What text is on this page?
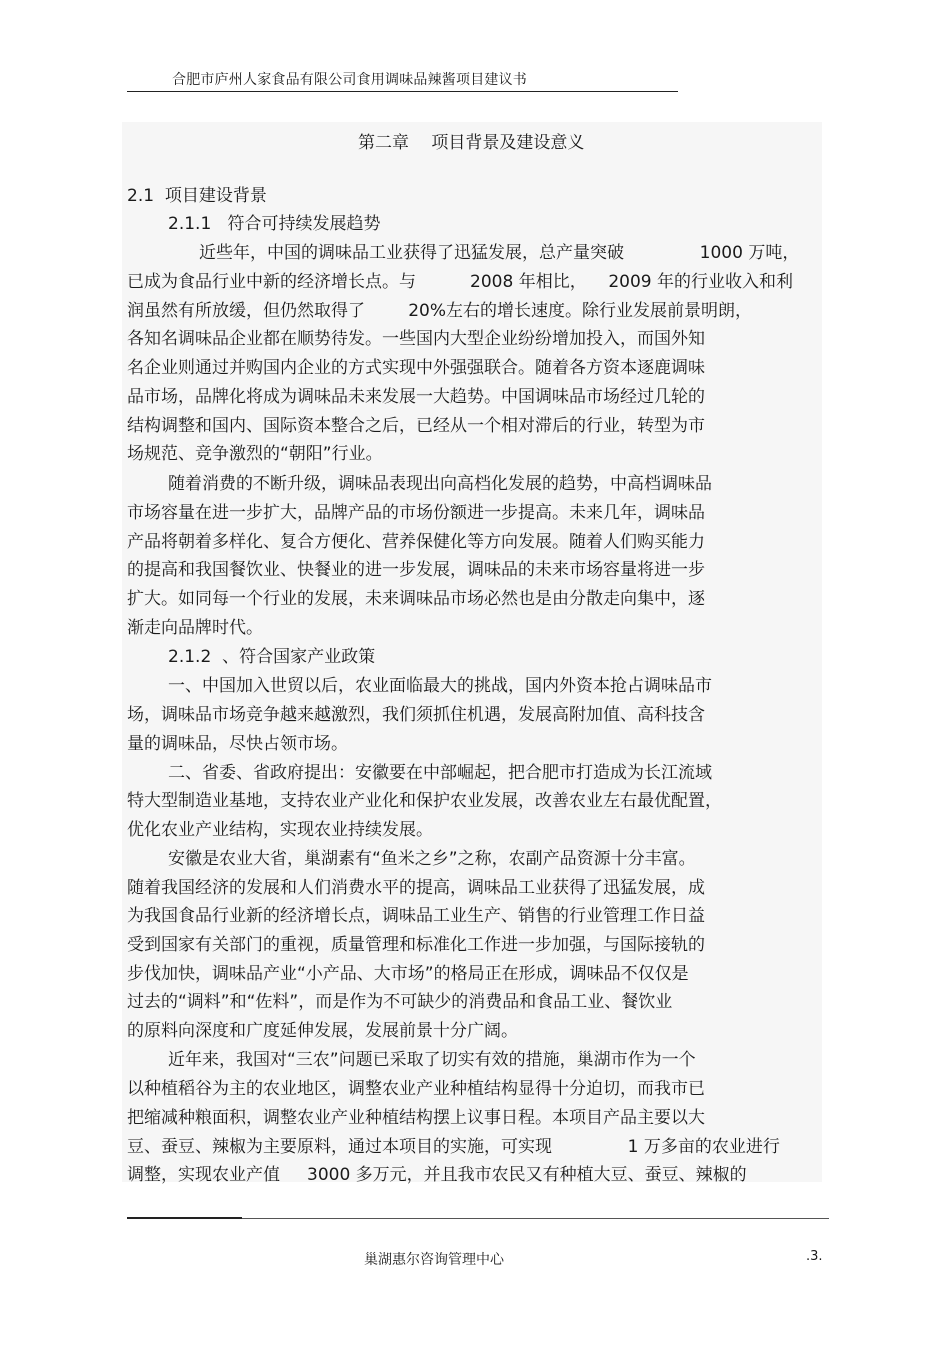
合肥市庐州人家食品有限公司食用调味品辣酱项目建议书
第二章　 项目背景及建设意义
2.1  项目建设背景
2.1.1   符合可持续发展趋势
近些年，中国的调味品工业获得了迅猛发展，总产量突破              1000 万吨，
已成为食品行业中新的经济增长点。与          2008 年相比，    2009 年的行业收入和利
润虽然有所放缓，但仍然取得了        20%左右的增长速度。除行业发展前景明朗，
各知名调味品企业都在顺势待发。一些国内大型企业纷纷增加投入，而国外知
名企业则通过并购国内企业的方式实现中外强强联合。随着各方资本逐鹿调味
品市场，品牌化将成为调味品未来发展一大趋势。中国调味品市场经过几轮的
结构调整和国内、国际资本整合之后，已经从一个相对滞后的行业，转型为市
场规范、竞争激烈的“朝阳”行业。
随着消费的不断升级，调味品表现出向高档化发展的趋势，中高档调味品
市场容量在进一步扩大，品牌产品的市场份额进一步提高。未来几年，调味品
产品将朝着多样化、复合方便化、营养保健化等方向发展。随着人们购买能力
的提高和我国餐饮业、快餐业的进一步发展，调味品的未来市场容量将进一步
扩大。如同每一个行业的发展，未来调味品市场必然也是由分散走向集中，逐
渐走向品牌时代。
2.1.2  、符合国家产业政策
一、中国加入世贸以后，农业面临最大的挑战，国内外资本抢占调味品市
场，调味品市场竞争越来越激烈，我们须抓住机遇，发展高附加值、高科技含
量的调味品，尽快占领市场。
二、省委、省政府提出：安徽要在中部崛起，把合肥市打造成为长江流域
特大型制造业基地，支持农业产业化和保护农业发展，改善农业左右最优配置，
优化农业产业结构，实现农业持续发展。
安徽是农业大省，巢湖素有“鱼米之乡”之称，农副产品资源十分丰富。
随着我国经济的发展和人们消费水平的提高，调味品工业获得了迅猛发展，成
为我国食品行业新的经济增长点，调味品工业生产、销售的行业管理工作日益
受到国家有关部门的重视，质量管理和标准化工作进一步加强，与国际接轨的
步伐加快，调味品产业“小产品、大市场”的格局正在形成，调味品不仅仅是
过去的“调料”和“佐料”，而是作为不可缺少的消费品和食品工业、餐饮业
的原料向深度和广度延伸发展，发展前景十分广阔。
近年来，我国对“三农”问题已采取了切实有效的措施，巢湖市作为一个
以种植稻谷为主的农业地区，调整农业产业种植结构显得十分迫切，而我市已
把缩减种粮面积，调整农业产业种植结构摆上议事日程。本项目产品主要以大
豆、蚕豆、辣椒为主要原料，通过本项目的实施，可实现              1 万多亩的农业进行
调整，实现农业产值     3000 多万元，并且我市农民又有种植大豆、蚕豆、辣椒的
巢湖惠尔咨询管理中心	.3.
